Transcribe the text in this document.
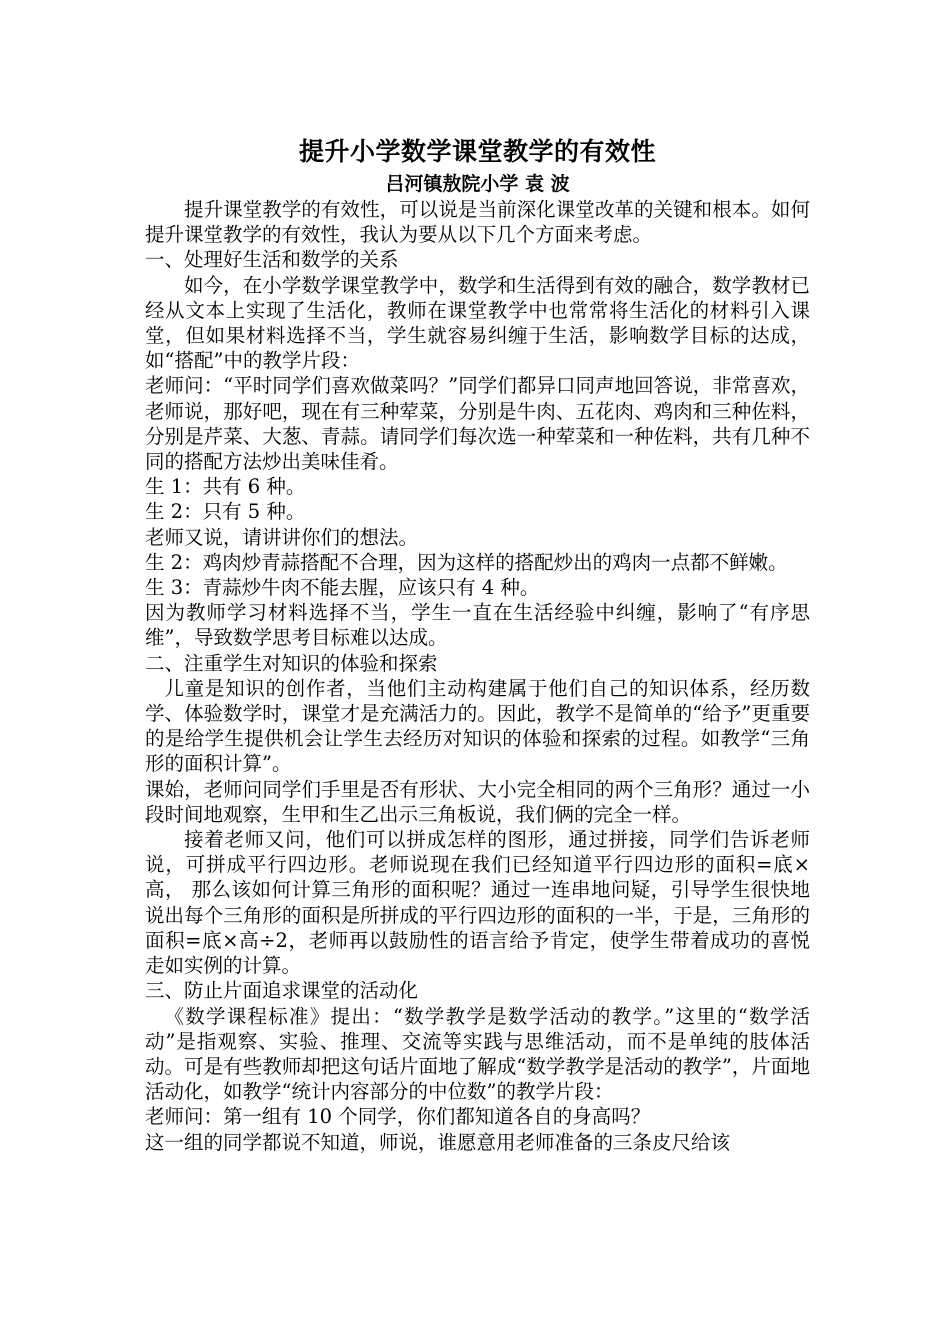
提升小学数学课堂教学的有效性
吕河镇敖院小学 袁 波

提升课堂教学的有效性，可以说是当前深化课堂改革的关键和根本。如何提升课堂教学的有效性，我认为要从以下几个方面来考虑。

一、处理好生活和数学的关系

如今，在小学数学课堂教学中，数学和生活得到有效的融合，数学教材已经从文本上实现了生活化，教师在课堂教学中也常常将生活化的材料引入课堂，但如果材料选择不当，学生就容易纠缠于生活，影响数学目标的达成，如“搭配”中的教学片段：

老师问：“平时同学们喜欢做菜吗？”同学们都异口同声地回答说，非常喜欢，老师说，那好吧，现在有三种荤菜，分别是牛肉、五花肉、鸡肉和三种佐料，分别是芹菜、大葱、青蒜。请同学们每次选一种荤菜和一种佐料，共有几种不同的搭配方法炒出美味佳肴。

生 1：共有 6 种。

生 2：只有 5 种。

老师又说，请讲讲你们的想法。

生 2：鸡肉炒青蒜搭配不合理，因为这样的搭配炒出的鸡肉一点都不鲜嫩。

生 3：青蒜炒牛肉不能去腥，应该只有 4 种。

因为教师学习材料选择不当，学生一直在生活经验中纠缠，影响了“有序思维”，导致数学思考目标难以达成。

二、注重学生对知识的体验和探索

儿童是知识的创作者，当他们主动构建属于他们自己的知识体系，经历数学、体验数学时，课堂才是充满活力的。因此，教学不是简单的“给予”更重要的是给学生提供机会让学生去经历对知识的体验和探索的过程。如教学“三角形的面积计算”。

课始，老师问同学们手里是否有形状、大小完全相同的两个三角形？通过一小段时间地观察，生甲和生乙出示三角板说，我们俩的完全一样。

接着老师又问，他们可以拼成怎样的图形，通过拼接，同学们告诉老师说，可拼成平行四边形。老师说现在我们已经知道平行四边形的面积=底×高， 那么该如何计算三角形的面积呢？通过一连串地问疑，引导学生很快地说出每个三角形的面积是所拼成的平行四边形的面积的一半，于是，三角形的面积=底×高÷2，老师再以鼓励性的语言给予肯定，使学生带着成功的喜悦走如实例的计算。

三、防止片面追求课堂的活动化

《数学课程标准》提出：“数学教学是数学活动的教学。”这里的“数学活动”是指观察、实验、推理、交流等实践与思维活动，而不是单纯的肢体活动。可是有些教师却把这句话片面地了解成“数学教学是活动的教学”，片面地活动化，如教学“统计内容部分的中位数”的教学片段：

老师问：第一组有 10 个同学，你们都知道各自的身高吗？

这一组的同学都说不知道，师说，谁愿意用老师准备的三条皮尺给该
